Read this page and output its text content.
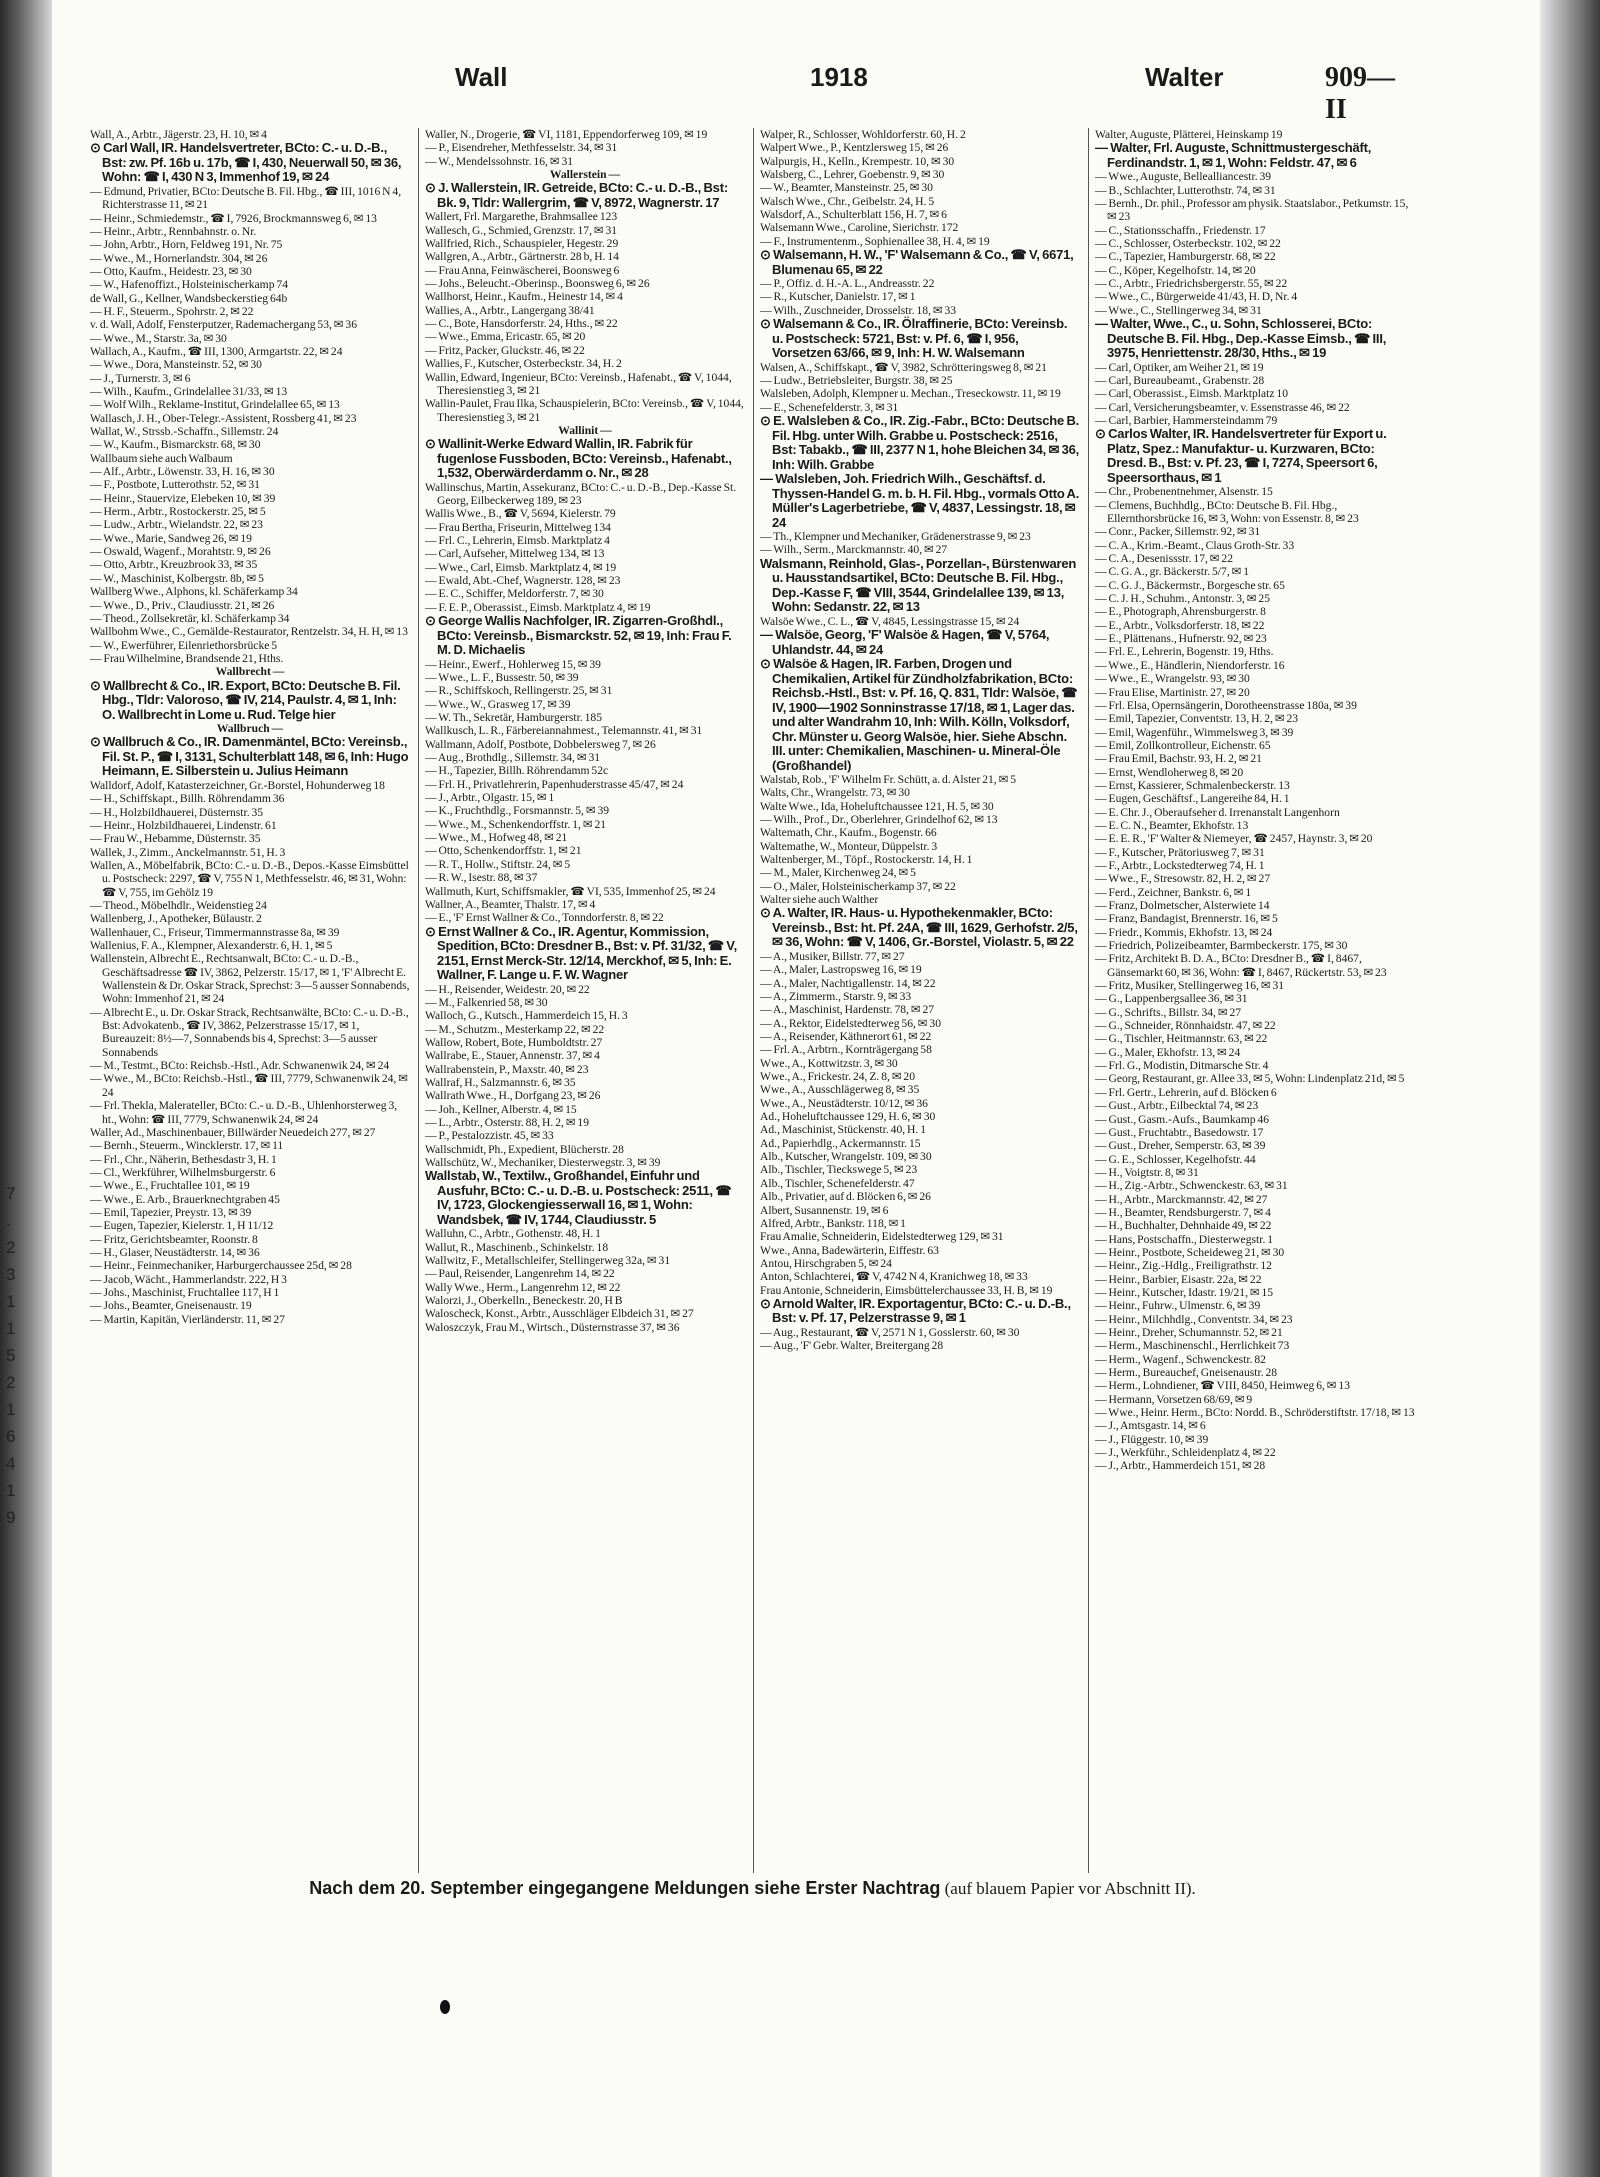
7
.
2
3
1
1
5
2
1
6
4
1
9
Wall	1918	Walter	909—II

Wall, A., Arbtr., Jägerstr. 23, H. 10, ✉ 4

⊙ Carl Wall, IR. Handelsvertreter, BCto: C.- u. D.-B., Bst: zw. Pf. 16b u. 17b, ☎ I, 430, Neuerwall 50, ✉ 36, Wohn: ☎ I, 430 N 3, Immenhof 19, ✉ 24

— Edmund, Privatier, BCto: Deutsche B. Fil. Hbg., ☎ III, 1016 N 4, Richterstrasse 11, ✉ 21

— Heinr., Schmiedemstr., ☎ I, 7926, Brockmannsweg 6, ✉ 13

— Heinr., Arbtr., Rennbahnstr. o. Nr.

— John, Arbtr., Horn, Feldweg 191, Nr. 75

— Wwe., M., Hornerlandstr. 304, ✉ 26

— Otto, Kaufm., Heidestr. 23, ✉ 30

— W., Hafenoffizt., Holsteinischerkamp 74

de Wall, G., Kellner, Wandsbeckerstieg 64b

— H. F., Steuerm., Spohrstr. 2, ✉ 22

v. d. Wall, Adolf, Fensterputzer, Rademachergang 53, ✉ 36

— Wwe., M., Starstr. 3a, ✉ 30

Wallach, A., Kaufm., ☎ III, 1300, Armgartstr. 22, ✉ 24

— Wwe., Dora, Mansteinstr. 52, ✉ 30

— J., Turnerstr. 3, ✉ 6

— Wilh., Kaufm., Grindelallee 31/33, ✉ 13

— Wolf Wilh., Reklame-Institut, Grindelallee 65, ✉ 13

Wallasch, J. H., Ober-Telegr.-Assistent, Rossberg 41, ✉ 23

Wallat, W., Strssb.-Schaffn., Sillemstr. 24

— W., Kaufm., Bismarckstr. 68, ✉ 30

Wallbaum siehe auch Walbaum

— Alf., Arbtr., Löwenstr. 33, H. 16, ✉ 30

— F., Postbote, Lutterothstr. 52, ✉ 31

— Heinr., Stauervize, Elebeken 10, ✉ 39

— Herm., Arbtr., Rostockerstr. 25, ✉ 5

— Ludw., Arbtr., Wielandstr. 22, ✉ 23

— Wwe., Marie, Sandweg 26, ✉ 19

— Oswald, Wagenf., Morahtstr. 9, ✉ 26

— Otto, Arbtr., Kreuzbrook 33, ✉ 35

— W., Maschinist, Kolbergstr. 8b, ✉ 5

Wallberg Wwe., Alphons, kl. Schäferkamp 34

— Wwe., D., Priv., Claudiusstr. 21, ✉ 26

— Theod., Zollsekretär, kl. Schäferkamp 34

Wallbohm Wwe., C., Gemälde-Restaurator, Rentzelstr. 34, H. H, ✉ 13

— W., Ewerführer, Eilenriethorsbrücke 5

— Frau Wilhelmine, Brandsende 21, Hths.

Wallbrecht —

⊙ Wallbrecht & Co., IR. Export, BCto: Deutsche B. Fil. Hbg., Tldr: Valoroso, ☎ IV, 214, Paulstr. 4, ✉ 1, Inh: O. Wallbrecht in Lome u. Rud. Telge hier

Wallbruch —

⊙ Wallbruch & Co., IR. Damenmäntel, BCto: Vereinsb., Fil. St. P., ☎ I, 3131, Schulterblatt 148, ✉ 6, Inh: Hugo Heimann, E. Silberstein u. Julius Heimann

Walldorf, Adolf, Katasterzeichner, Gr.-Borstel, Hohunderweg 18

— H., Schiffskapt., Billh. Röhrendamm 36

— H., Holzbildhauerei, Düsternstr. 35

— Heinr., Holzbildhauerei, Lindenstr. 61

— Frau W., Hebamme, Düsternstr. 35

Wallek, J., Zimm., Anckelmannstr. 51, H. 3

Wallen, A., Möbelfabrik, BCto: C.- u. D.-B., Depos.-Kasse Eimsbüttel u. Postscheck: 2297, ☎ V, 755 N 1, Methfesselstr. 46, ✉ 31, Wohn: ☎ V, 755, im Gehölz 19

— Theod., Möbelhdlr., Weidenstieg 24

Wallenberg, J., Apotheker, Bülaustr. 2

Wallenhauer, C., Friseur, Timmermannstrasse 8a, ✉ 39

Wallenius, F. A., Klempner, Alexanderstr. 6, H. 1, ✉ 5

Wallenstein, Albrecht E., Rechtsanwalt, BCto: C.- u. D.-B., Geschäftsadresse ☎ IV, 3862, Pelzerstr. 15/17, ✉ 1, 'F' Albrecht E. Wallenstein & Dr. Oskar Strack, Sprechst: 3—5 ausser Sonnabends, Wohn: Immenhof 21, ✉ 24

— Albrecht E., u. Dr. Oskar Strack, Rechtsanwälte, BCto: C.- u. D.-B., Bst: Advokatenb., ☎ IV, 3862, Pelzerstrasse 15/17, ✉ 1, Bureauzeit: 8½—7, Sonnabends bis 4, Sprechst: 3—5 ausser Sonnabends

— M., Testmt., BCto: Reichsb.-Hstl., Adr. Schwanenwik 24, ✉ 24

— Wwe., M., BCto: Reichsb.-Hstl., ☎ III, 7779, Schwanenwik 24, ✉ 24

— Frl. Thekla, Malerateller, BCto: C.- u. D.-B., Uhlenhorsterweg 3, ht., Wohn: ☎ III, 7779, Schwanenwik 24, ✉ 24

Waller, Ad., Maschinenbauer, Billwärder Neuedeich 277, ✉ 27

— Bernh., Steuerm., Wincklerstr. 17, ✉ 11

— Frl., Chr., Näherin, Bethesdastr 3, H. 1

— Cl., Werkführer, Wilhelmsburgerstr. 6

— Wwe., E., Fruchtallee 101, ✉ 19

— Wwe., E. Arb., Brauerknechtgraben 45

— Emil, Tapezier, Preystr. 13, ✉ 39

— Eugen, Tapezier, Kielerstr. 1, H 11/12

— Fritz, Gerichtsbeamter, Roonstr. 8

— H., Glaser, Neustädterstr. 14, ✉ 36

— Heinr., Feinmechaniker, Harburgerchaussee 25d, ✉ 28

— Jacob, Wächt., Hammerlandstr. 222, H 3

— Johs., Maschinist, Fruchtallee 117, H 1

— Johs., Beamter, Gneisenaustr. 19

— Martin, Kapitän, Vierländerstr. 11, ✉ 27

Waller, N., Drogerie, ☎ VI, 1181, Eppendorferweg 109, ✉ 19

— P., Eisendreher, Methfesselstr. 34, ✉ 31

— W., Mendelssohnstr. 16, ✉ 31

Wallerstein —

⊙ J. Wallerstein, IR. Getreide, BCto: C.- u. D.-B., Bst: Bk. 9, Tldr: Wallergrim, ☎ V, 8972, Wagnerstr. 17

Wallert, Frl. Margarethe, Brahmsallee 123

Wallesch, G., Schmied, Grenzstr. 17, ✉ 31

Wallfried, Rich., Schauspieler, Hegestr. 29

Wallgren, A., Arbtr., Gärtnerstr. 28 b, H. 14

— Frau Anna, Feinwäscherei, Boonsweg 6

— Johs., Beleucht.-Oberinsp., Boonsweg 6, ✉ 26

Wallhorst, Heinr., Kaufm., Heinestr 14, ✉ 4

Wallies, A., Arbtr., Langergang 38/41

— C., Bote, Hansdorferstr. 24, Hths., ✉ 22

— Wwe., Emma, Ericastr. 65, ✉ 20

— Fritz, Packer, Gluckstr. 46, ✉ 22

Wallies, F., Kutscher, Osterbeckstr. 34, H. 2

Wallin, Edward, Ingenieur, BCto: Vereinsb., Hafenabt., ☎ V, 1044, Theresienstieg 3, ✉ 21

Wallin-Paulet, Frau Ilka, Schauspielerin, BCto: Vereinsb., ☎ V, 1044, Theresienstieg 3, ✉ 21

Wallinit —

⊙ Wallinit-Werke Edward Wallin, IR. Fabrik für fugenlose Fussboden, BCto: Vereinsb., Hafenabt., 1,532, Oberwärderdamm o. Nr., ✉ 28

Wallinschus, Martin, Assekuranz, BCto: C.- u. D.-B., Dep.-Kasse St. Georg, Eilbeckerweg 189, ✉ 23

Wallis Wwe., B., ☎ V, 5694, Kielerstr. 79

— Frau Bertha, Friseurin, Mittelweg 134

— Frl. C., Lehrerin, Eimsb. Marktplatz 4

— Carl, Aufseher, Mittelweg 134, ✉ 13

— Wwe., Carl, Eimsb. Marktplatz 4, ✉ 19

— Ewald, Abt.-Chef, Wagnerstr. 128, ✉ 23

— E. C., Schiffer, Meldorferstr. 7, ✉ 30

— F. E. P., Oberassist., Eimsb. Marktplatz 4, ✉ 19

⊙ George Wallis Nachfolger, IR. Zigarren-Großhdl., BCto: Vereinsb., Bismarckstr. 52, ✉ 19, Inh: Frau F. M. D. Michaelis

— Heinr., Ewerf., Hohlerweg 15, ✉ 39

— Wwe., L. F., Bussestr. 50, ✉ 39

— R., Schiffskoch, Rellingerstr. 25, ✉ 31

— Wwe., W., Grasweg 17, ✉ 39

— W. Th., Sekretär, Hamburgerstr. 185

Wallkusch, L. R., Färbereiannahmest., Telemannstr. 41, ✉ 31

Wallmann, Adolf, Postbote, Dobbelersweg 7, ✉ 26

— Aug., Brothdlg., Sillemstr. 34, ✉ 31

— H., Tapezier, Billh. Röhrendamm 52c

— Frl. H., Privatlehrerin, Papenhuderstrasse 45/47, ✉ 24

— J., Arbtr., Olgastr. 15, ✉ 1

— K., Fruchthdlg., Forsmannstr. 5, ✉ 39

— Wwe., M., Schenkendorffstr. 1, ✉ 21

— Wwe., M., Hofweg 48, ✉ 21

— Otto, Schenkendorffstr. 1, ✉ 21

— R. T., Hollw., Stiftstr. 24, ✉ 5

— R. W., Isestr. 88, ✉ 37

Wallmuth, Kurt, Schiffsmakler, ☎ VI, 535, Immenhof 25, ✉ 24

Wallner, A., Beamter, Thalstr. 17, ✉ 4

— E., 'F' Ernst Wallner & Co., Tonndorferstr. 8, ✉ 22

⊙ Ernst Wallner & Co., IR. Agentur, Kommission, Spedition, BCto: Dresdner B., Bst: v. Pf. 31/32, ☎ V, 2151, Ernst Merck-Str. 12/14, Merckhof, ✉ 5, Inh: E. Wallner, F. Lange u. F. W. Wagner

— H., Reisender, Weidestr. 20, ✉ 22

— M., Falkenried 58, ✉ 30

Walloch, G., Kutsch., Hammerdeich 15, H. 3

— M., Schutzm., Mesterkamp 22, ✉ 22

Wallow, Robert, Bote, Humboldtstr. 27

Wallrabe, E., Stauer, Annenstr. 37, ✉ 4

Wallrabenstein, P., Maxstr. 40, ✉ 23

Wallraf, H., Salzmannstr. 6, ✉ 35

Wallrath Wwe., H., Dorfgang 23, ✉ 26

— Joh., Kellner, Alberstr. 4, ✉ 15

— L., Arbtr., Osterstr. 88, H. 2, ✉ 19

— P., Pestalozzistr. 45, ✉ 33

Wallschmidt, Ph., Expedient, Blücherstr. 28

Wallschütz, W., Mechaniker, Diesterwegstr. 3, ✉ 39

Wallstab, W., Textilw., Großhandel, Einfuhr und Ausfuhr, BCto: C.- u. D.-B. u. Postscheck: 2511, ☎ IV, 1723, Glockengiesserwall 16, ✉ 1, Wohn: Wandsbek, ☎ IV, 1744, Claudiusstr. 5

Walluhn, C., Arbtr., Gothenstr. 48, H. 1

Wallut, R., Maschinenb., Schinkelstr. 18

Wallwitz, F., Metallschleifer, Stellingerweg 32a, ✉ 31

— Paul, Reisender, Langenrehm 14, ✉ 22

Wally Wwe., Herm., Langenrehm 12, ✉ 22

Walorzi, J., Oberkelln., Beneckestr. 20, H B

Waloscheck, Konst., Arbtr., Ausschläger Elbdeich 31, ✉ 27

Waloszczyk, Frau M., Wirtsch., Düsternstrasse 37, ✉ 36

Walper, R., Schlosser, Wohldorferstr. 60, H. 2

Walpert Wwe., P., Kentzlersweg 15, ✉ 26

Walpurgis, H., Kelln., Krempestr. 10, ✉ 30

Walsberg, C., Lehrer, Goebenstr. 9, ✉ 30

— W., Beamter, Mansteinstr. 25, ✉ 30

Walsch Wwe., Chr., Geibelstr. 24, H. 5

Walsdorf, A., Schulterblatt 156, H. 7, ✉ 6

Walsemann Wwe., Caroline, Sierichstr. 172

— F., Instrumentenm., Sophienallee 38, H. 4, ✉ 19

⊙ Walsemann, H. W., 'F' Walsemann & Co., ☎ V, 6671, Blumenau 65, ✉ 22

— P., Offiz. d. H.-A. L., Andreasstr. 22

— R., Kutscher, Danielstr. 17, ✉ 1

— Wilh., Zuschneider, Drosselstr. 18, ✉ 33

⊙ Walsemann & Co., IR. Ölraffinerie, BCto: Vereinsb. u. Postscheck: 5721, Bst: v. Pf. 6, ☎ I, 956, Vorsetzen 63/66, ✉ 9, Inh: H. W. Walsemann

Walsen, A., Schiffskapt., ☎ V, 3982, Schrötteringsweg 8, ✉ 21

— Ludw., Betriebsleiter, Burgstr. 38, ✉ 25

Walsleben, Adolph, Klempner u. Mechan., Treseckowstr. 11, ✉ 19

— E., Schenefelderstr. 3, ✉ 31

⊙ E. Walsleben & Co., IR. Zig.-Fabr., BCto: Deutsche B. Fil. Hbg. unter Wilh. Grabbe u. Postscheck: 2516, Bst: Tabakb., ☎ III, 2377 N 1, hohe Bleichen 34, ✉ 36, Inh: Wilh. Grabbe

— Walsleben, Joh. Friedrich Wilh., Geschäftsf. d. Thyssen-Handel G. m. b. H. Fil. Hbg., vormals Otto A. Müller's Lagerbetriebe, ☎ V, 4837, Lessingstr. 18, ✉ 24

— Th., Klempner und Mechaniker, Grädenerstrasse 9, ✉ 23

— Wilh., Serm., Marckmannstr. 40, ✉ 27

Walsmann, Reinhold, Glas-, Porzellan-, Bürstenwaren u. Hausstandsartikel, BCto: Deutsche B. Fil. Hbg., Dep.-Kasse F, ☎ VIII, 3544, Grindelallee 139, ✉ 13, Wohn: Sedanstr. 22, ✉ 13

Walsöe Wwe., C. L., ☎ V, 4845, Lessingstrasse 15, ✉ 24

— Walsöe, Georg, 'F' Walsöe & Hagen, ☎ V, 5764, Uhlandstr. 44, ✉ 24

⊙ Walsöe & Hagen, IR. Farben, Drogen und Chemikalien, Artikel für Zündholzfabrikation, BCto: Reichsb.-Hstl., Bst: v. Pf. 16, Q. 831, Tldr: Walsöe, ☎ IV, 1900—1902 Sonninstrasse 17/18, ✉ 1, Lager das. und alter Wandrahm 10, Inh: Wilh. Kölln, Volksdorf, Chr. Münster u. Georg Walsöe, hier. Siehe Abschn. III. unter: Chemikalien, Maschinen- u. Mineral-Öle (Großhandel)

Walstab, Rob., 'F' Wilhelm Fr. Schütt, a. d. Alster 21, ✉ 5

Walts, Chr., Wrangelstr. 73, ✉ 30

Walte Wwe., Ida, Hoheluftchaussee 121, H. 5, ✉ 30

— Wilh., Prof., Dr., Oberlehrer, Grindelhof 62, ✉ 13

Waltemath, Chr., Kaufm., Bogenstr. 66

Waltemathe, W., Monteur, Düppelstr. 3

Waltenberger, M., Töpf., Rostockerstr. 14, H. 1

— M., Maler, Kirchenweg 24, ✉ 5

— O., Maler, Holsteinischerkamp 37, ✉ 22

Walter siehe auch Walther

⊙ A. Walter, IR. Haus- u. Hypothekenmakler, BCto: Vereinsb., Bst: ht. Pf. 24A, ☎ III, 1629, Gerhofstr. 2/5, ✉ 36, Wohn: ☎ V, 1406, Gr.-Borstel, Violastr. 5, ✉ 22

— A., Musiker, Billstr. 77, ✉ 27

— A., Maler, Lastropsweg 16, ✉ 19

— A., Maler, Nachtigallenstr. 14, ✉ 22

— A., Zimmerm., Starstr. 9, ✉ 33

— A., Maschinist, Hardenstr. 78, ✉ 27

— A., Rektor, Eidelstedterweg 56, ✉ 30

— A., Reisender, Käthnerort 61, ✉ 22

— Frl. A., Arbtrn., Kornträgergang 58

Wwe., A., Kottwitzstr. 3, ✉ 30

Wwe., A., Frickestr. 24, Z. 8, ✉ 20

Wwe., A., Ausschlägerweg 8, ✉ 35

Wwe., A., Neustädterstr. 10/12, ✉ 36

Ad., Hoheluftchaussee 129, H. 6, ✉ 30

Ad., Maschinist, Stückenstr. 40, H. 1

Ad., Papierhdlg., Ackermannstr. 15

Alb., Kutscher, Wrangelstr. 109, ✉ 30

Alb., Tischler, Tieckswege 5, ✉ 23

Alb., Tischler, Schenefelderstr. 47

Alb., Privatier, auf d. Blöcken 6, ✉ 26

Albert, Susannenstr. 19, ✉ 6

Alfred, Arbtr., Bankstr. 118, ✉ 1

Frau Amalie, Schneiderin, Eidelstedterweg 129, ✉ 31

Wwe., Anna, Badewärterin, Eiffestr. 63

Antou, Hirschgraben 5, ✉ 24

Anton, Schlachterei, ☎ V, 4742 N 4, Kranichweg 18, ✉ 33

Frau Antonie, Schneiderin, Eimsbüttelerchaussee 33, H. B, ✉ 19

⊙ Arnold Walter, IR. Exportagentur, BCto: C.- u. D.-B., Bst: v. Pf. 17, Pelzerstrasse 9, ✉ 1

— Aug., Restaurant, ☎ V, 2571 N 1, Gosslerstr. 60, ✉ 30

— Aug., 'F' Gebr. Walter, Breitergang 28

Walter, Auguste, Plätterei, Heinskamp 19

— Walter, Frl. Auguste, Schnittmustergeschäft, Ferdinandstr. 1, ✉ 1, Wohn: Feldstr. 47, ✉ 6

— Wwe., Auguste, Bellealliancestr. 39

— B., Schlachter, Lutterothstr. 74, ✉ 31

— Bernh., Dr. phil., Professor am physik. Staatslabor., Petkumstr. 15, ✉ 23

— C., Stationsschaffn., Friedenstr. 17

— C., Schlosser, Osterbeckstr. 102, ✉ 22

— C., Tapezier, Hamburgerstr. 68, ✉ 22

— C., Köper, Kegelhofstr. 14, ✉ 20

— C., Arbtr., Friedrichsbergerstr. 55, ✉ 22

— Wwe., C., Bürgerweide 41/43, H. D, Nr. 4

— Wwe., C., Stellingerweg 34, ✉ 31

— Walter, Wwe., C., u. Sohn, Schlosserei, BCto: Deutsche B. Fil. Hbg., Dep.-Kasse Eimsb., ☎ III, 3975, Henriettenstr. 28/30, Hths., ✉ 19

— Carl, Optiker, am Weiher 21, ✉ 19

— Carl, Bureaubeamt., Grabenstr. 28

— Carl, Oberassist., Eimsb. Marktplatz 10

— Carl, Versicherungsbeamter, v. Essenstrasse 46, ✉ 22

— Carl, Barbier, Hammersteindamm 79

⊙ Carlos Walter, IR. Handelsvertreter für Export u. Platz, Spez.: Manufaktur- u. Kurzwaren, BCto: Dresd. B., Bst: v. Pf. 23, ☎ I, 7274, Speersort 6, Speersorthaus, ✉ 1

— Chr., Probenentnehmer, Alsenstr. 15

— Clemens, Buchhdlg., BCto: Deutsche B. Fil. Hbg., Ellernthorsbrücke 16, ✉ 3, Wohn: von Essenstr. 8, ✉ 23

— Conr., Packer, Sillemstr. 92, ✉ 31

— C. A., Krim.-Beamt., Claus Groth-Str. 33

— C. A., Desenissstr. 17, ✉ 22

— C. G. A., gr. Bäckerstr. 5/7, ✉ 1

— C. G. J., Bäckermstr., Borgesche str. 65

— C. J. H., Schuhm., Antonstr. 3, ✉ 25

— E., Photograph, Ahrensburgerstr. 8

— E., Arbtr., Volksdorferstr. 18, ✉ 22

— E., Plättenans., Hufnerstr. 92, ✉ 23

— Frl. E., Lehrerin, Bogenstr. 19, Hths.

— Wwe., E., Händlerin, Niendorferstr. 16

— Wwe., E., Wrangelstr. 93, ✉ 30

— Frau Elise, Martinistr. 27, ✉ 20

— Frl. Elsa, Opernsängerin, Dorotheenstrasse 180a, ✉ 39

— Emil, Tapezier, Conventstr. 13, H. 2, ✉ 23

— Emil, Wagenführ., Wimmelsweg 3, ✉ 39

— Emil, Zollkontrolleur, Eichenstr. 65

— Frau Emil, Bachstr. 93, H. 2, ✉ 21

— Ernst, Wendloherweg 8, ✉ 20

— Ernst, Kassierer, Schmalenbeckerstr. 13

— Eugen, Geschäftsf., Langereihe 84, H. 1

— E. Chr. J., Oberaufseher d. Irrenanstalt Langenhorn

— E. C. N., Beamter, Ekhofstr. 13

— E. E. R., 'F' Walter & Niemeyer, ☎ 2457, Haynstr. 3, ✉ 20

— F., Kutscher, Prätoriusweg 7, ✉ 31

— F., Arbtr., Lockstedterweg 74, H. 1

— Wwe., F., Stresowstr. 82, H. 2, ✉ 27

— Ferd., Zeichner, Bankstr. 6, ✉ 1

— Franz, Dolmetscher, Alsterwiete 14

— Franz, Bandagist, Brennerstr. 16, ✉ 5

— Friedr., Kommis, Ekhofstr. 13, ✉ 24

— Friedrich, Polizeibeamter, Barmbeckerstr. 175, ✉ 30

— Fritz, Architekt B. D. A., BCto: Dresdner B., ☎ I, 8467, Gänsemarkt 60, ✉ 36, Wohn: ☎ I, 8467, Rückertstr. 53, ✉ 23

— Fritz, Musiker, Stellingerweg 16, ✉ 31

— G., Lappenbergsallee 36, ✉ 31

— G., Schrifts., Billstr. 34, ✉ 27

— G., Schneider, Rönnhaidstr. 47, ✉ 22

— G., Tischler, Heitmannstr. 63, ✉ 22

— G., Maler, Ekhofstr. 13, ✉ 24

— Frl. G., Modistin, Ditmarsche Str. 4

— Georg, Restaurant, gr. Allee 33, ✉ 5, Wohn: Lindenplatz 21d, ✉ 5

— Frl. Gertr., Lehrerin, auf d. Blöcken 6

— Gust., Arbtr., Eilbecktal 74, ✉ 23

— Gust., Gasm.-Aufs., Baumkamp 46

— Gust., Fruchtabtr., Basedowstr. 17

— Gust., Dreher, Semperstr. 63, ✉ 39

— G. E., Schlosser, Kegelhofstr. 44

— H., Voigtstr. 8, ✉ 31

— H., Zig.-Arbtr., Schwenckestr. 63, ✉ 31

— H., Arbtr., Marckmannstr. 42, ✉ 27

— H., Beamter, Rendsburgerstr. 7, ✉ 4

— H., Buchhalter, Dehnhaide 49, ✉ 22

— Hans, Postschaffn., Diesterwegstr. 1

— Heinr., Postbote, Scheideweg 21, ✉ 30

— Heinr., Zig.-Hdlg., Freiligrathstr. 12

— Heinr., Barbier, Eisastr. 22a, ✉ 22

— Heinr., Kutscher, Idastr. 19/21, ✉ 15

— Heinr., Fuhrw., Ulmenstr. 6, ✉ 39

— Heinr., Milchhdlg., Conventstr. 34, ✉ 23

— Heinr., Dreher, Schumannstr. 52, ✉ 21

— Herm., Maschinenschl., Herrlichkeit 73

— Herm., Wagenf., Schwenckestr. 82

— Herm., Bureauchef, Gneisenaustr. 28

— Herm., Lohndiener, ☎ VIII, 8450, Heimweg 6, ✉ 13

— Hermann, Vorsetzen 68/69, ✉ 9

— Wwe., Heinr. Herm., BCto: Nordd. B., Schröderstiftstr. 17/18, ✉ 13

— J., Amtsgastr. 14, ✉ 6

— J., Flüggestr. 10, ✉ 39

— J., Werkführ., Schleidenplatz 4, ✉ 22

— J., Arbtr., Hammerdeich 151, ✉ 28

Nach dem 20. September eingegangene Meldungen siehe Erster Nachtrag (auf blauem Papier vor Abschnitt II).
